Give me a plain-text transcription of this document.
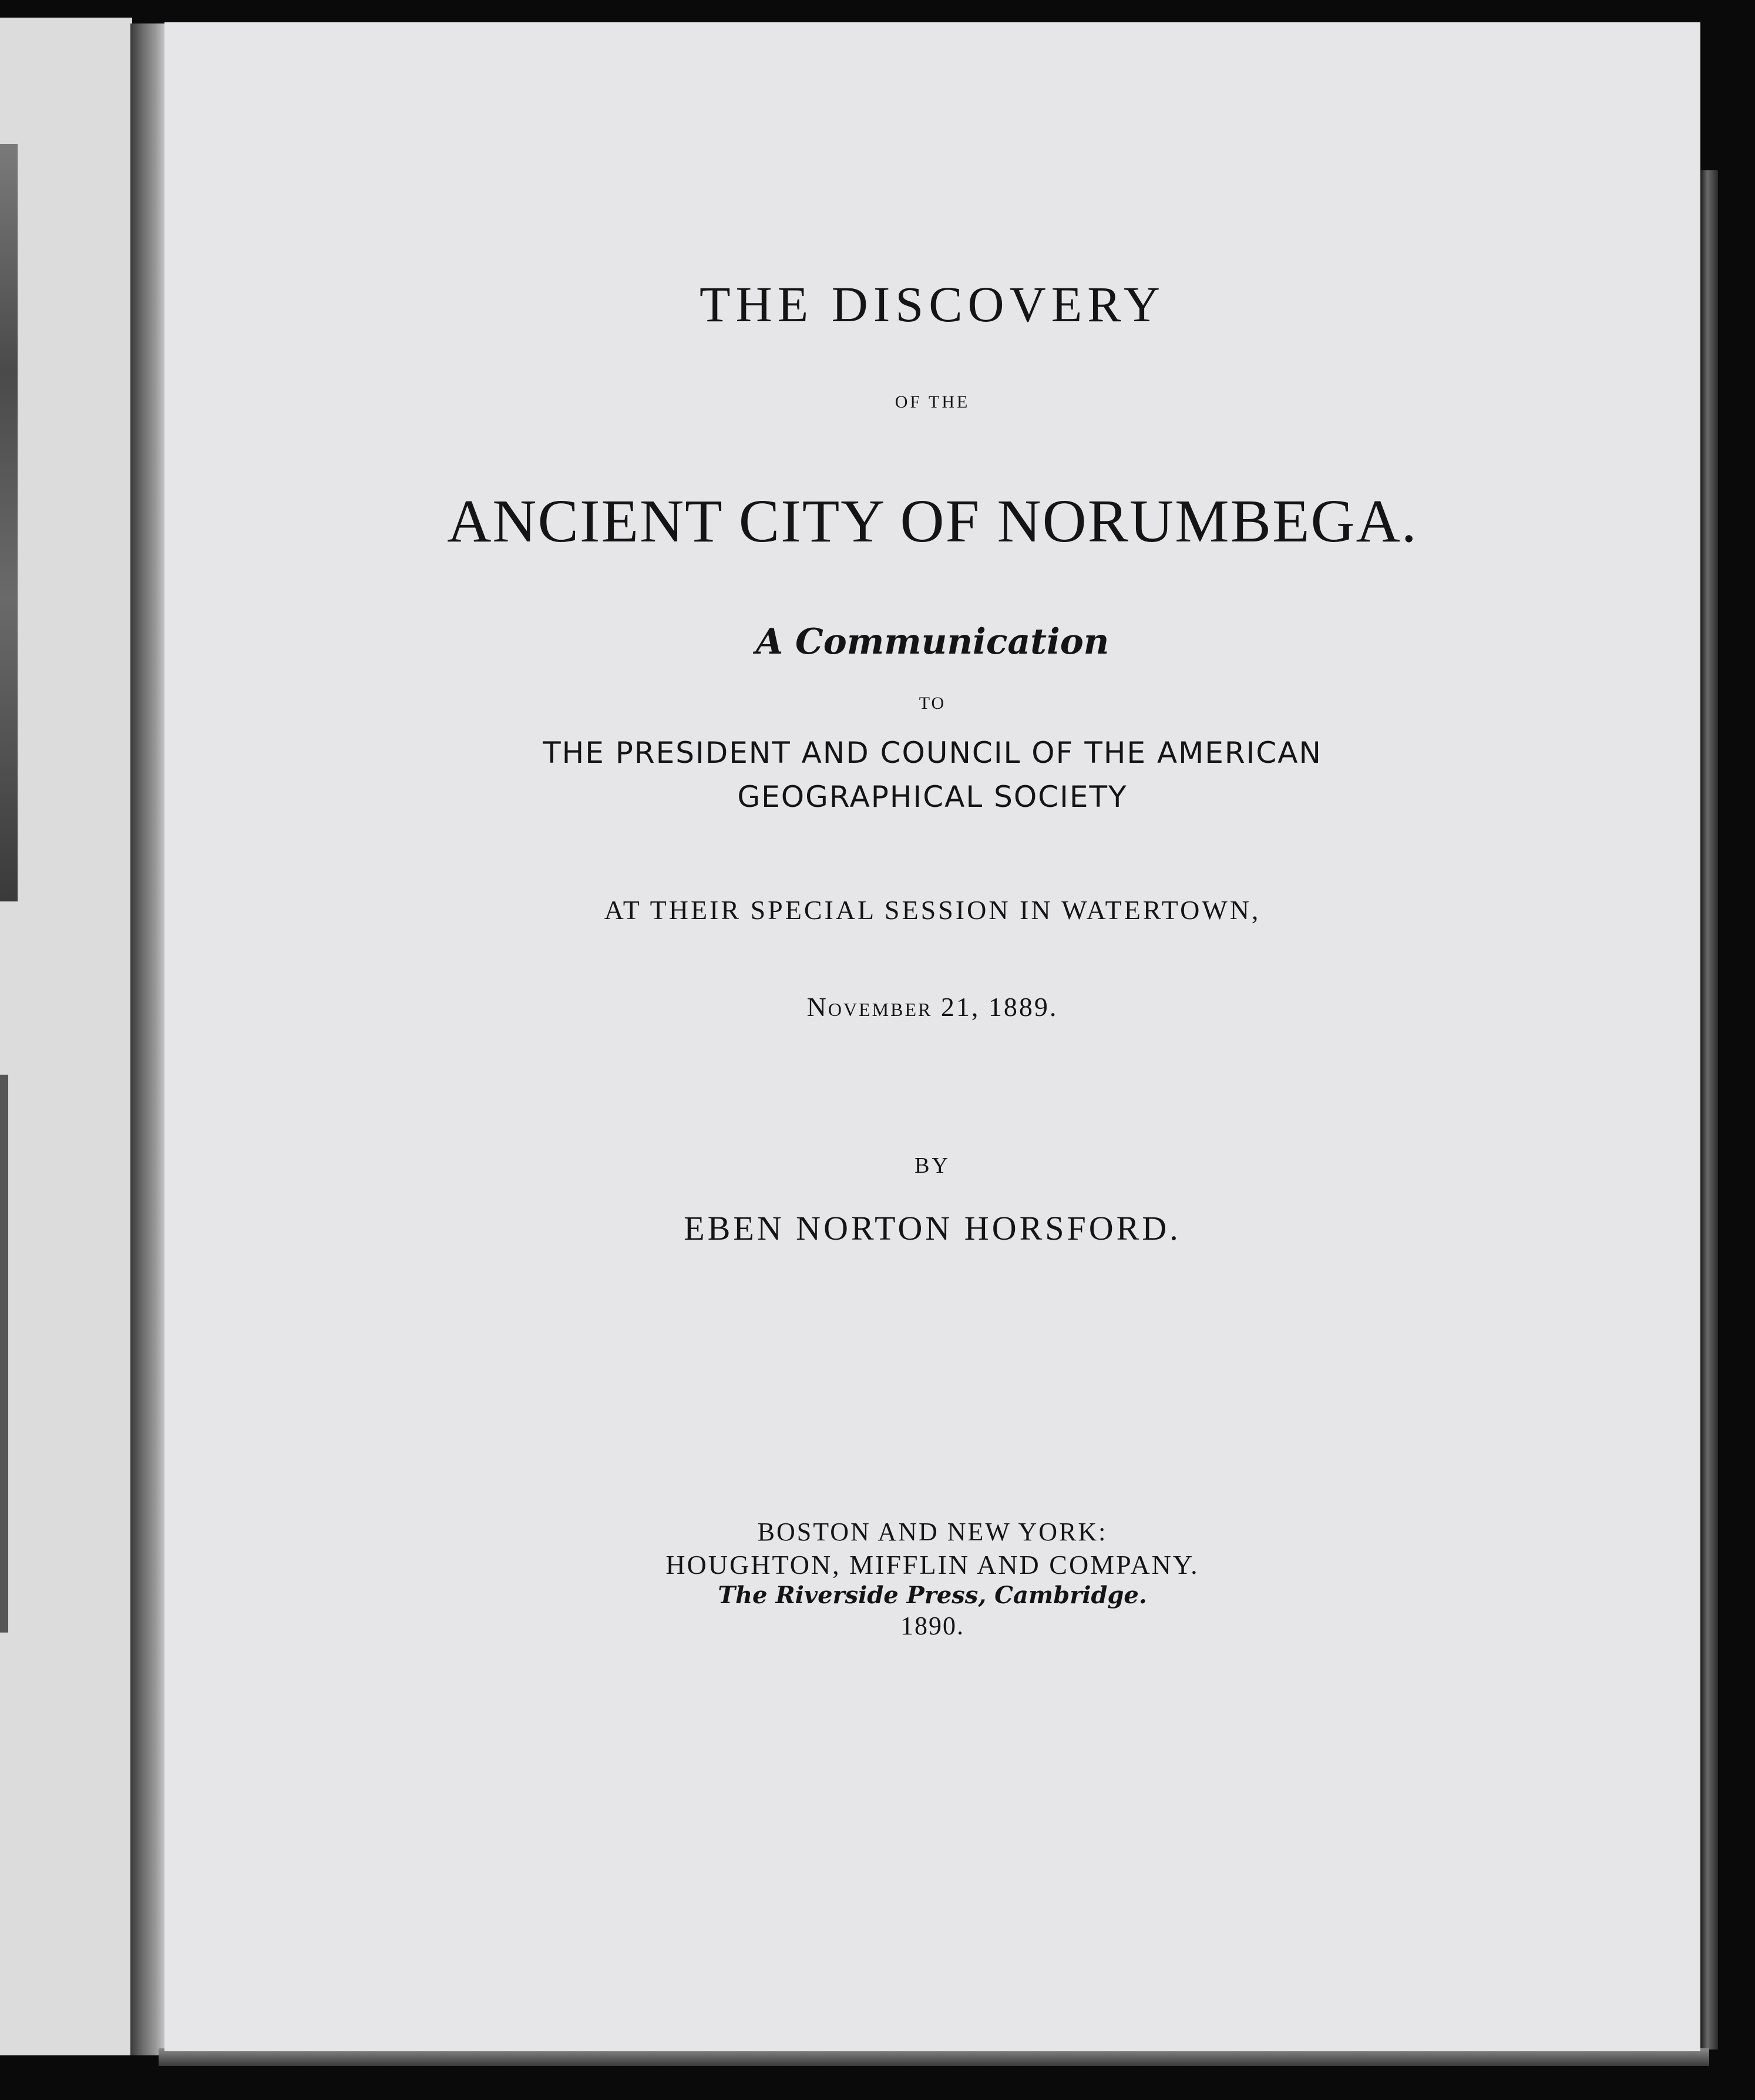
THE DISCOVERY
OF THE
ANCIENT CITY OF NORUMBEGA.
A Communication
TO
THE PRESIDENT AND COUNCIL OF THE AMERICAN
GEOGRAPHICAL SOCIETY
AT THEIR SPECIAL SESSION IN WATERTOWN,
November 21, 1889.
BY
EBEN NORTON HORSFORD.
BOSTON AND NEW YORK:
HOUGHTON, MIFFLIN AND COMPANY.
The Riverside Press, Cambridge.
1890.
